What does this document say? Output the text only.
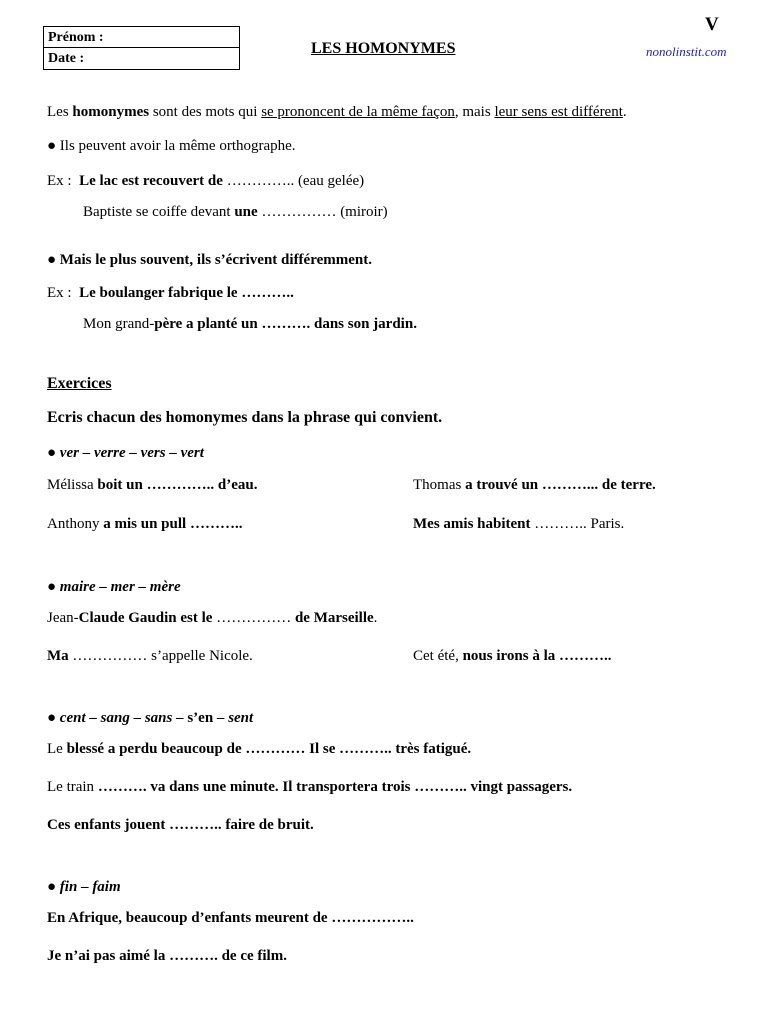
Prénom :
Date :
LES HOMONYMES
V
nonolinstit.com
Les homonymes sont des mots qui se prononcent de la même façon, mais leur sens est différent.
● Ils peuvent avoir la même orthographe.
Ex : Le lac est recouvert de ………….. (eau gelée)
Baptiste se coiffe devant une …………… (miroir)
● Mais le plus souvent, ils s’écrivent différemment.
Ex : Le boulanger fabrique le ………..
Mon grand-père a planté un ………. dans son jardin.
Exercices
Ecris chacun des homonymes dans la phrase qui convient.
● ver – verre – vers – vert
Mélissa boit un ………….. d’eau.	Thomas a trouvé un ………... de terre.
Anthony a mis un pull ………..	Mes amis habitent ……….. Paris.
● maire – mer – mère
Jean-Claude Gaudin est le …………… de Marseille.
Ma …………… s’appelle Nicole.	Cet été, nous irons à la ………..
● cent – sang – sans – s’en – sent
Le blessé a perdu beaucoup de ………… Il se ……….. très fatigué.
Le train ………. va dans une minute. Il transportera trois ……….. vingt passagers.
Ces enfants jouent ……….. faire de bruit.
● fin – faim
En Afrique, beaucoup d’enfants meurent de ……………..
Je n’ai pas aimé la ………. de ce film.
